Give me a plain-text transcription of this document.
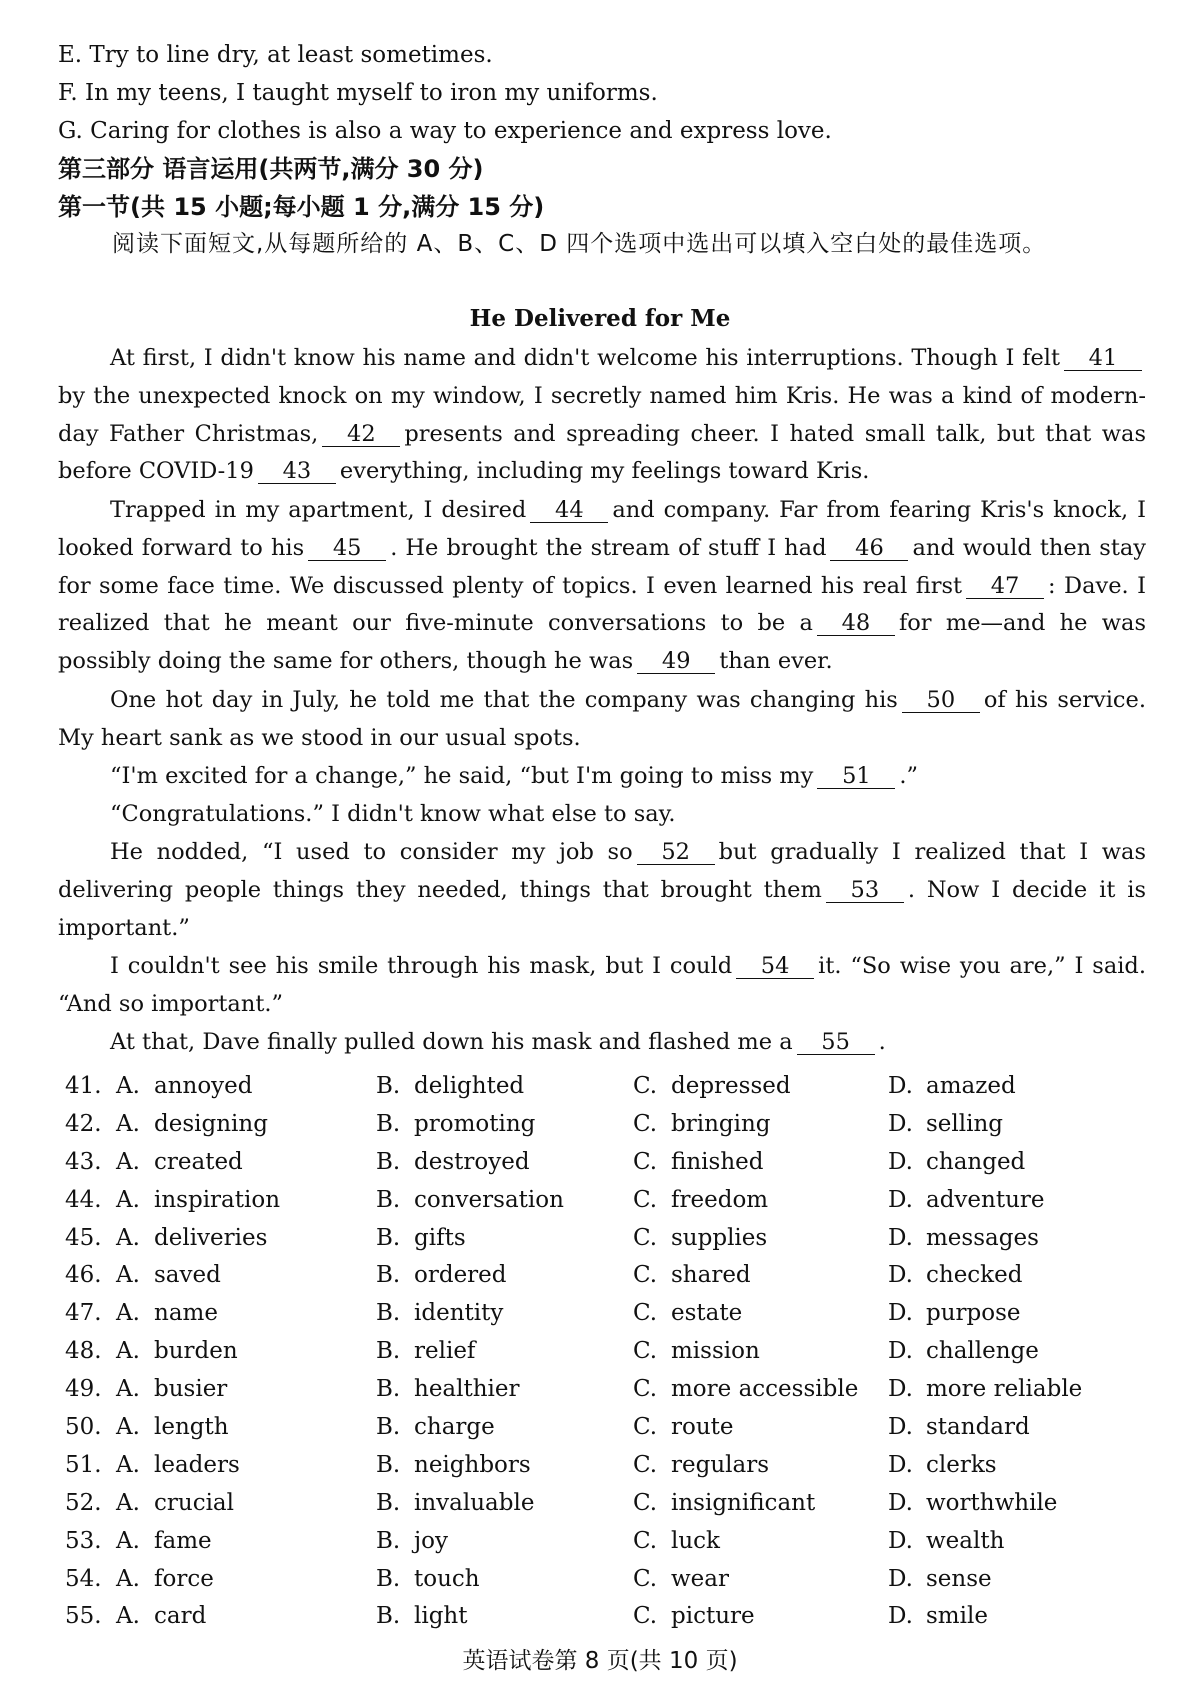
E. Try to line dry, at least sometimes.
F. In my teens, I taught myself to iron my uniforms.
G. Caring for clothes is also a way to experience and express love.
第三部分 语言运用(共两节,满分 30 分)
第一节(共 15 小题;每小题 1 分,满分 15 分)
阅读下面短文,从每题所给的 A、B、C、D 四个选项中选出可以填入空白处的最佳选项。
He Delivered for Me
At first, I didn't know his name and didn't welcome his interruptions. Though I felt 41by the unexpected knock on my window, I secretly named him Kris. He was a kind of modern-day Father Christmas, 42 presents and spreading cheer. I hated small talk, but that was before COVID-19 43 everything, including my feelings toward Kris.
Trapped in my apartment, I desired 44 and company. Far from fearing Kris's knock, I looked forward to his 45 . He brought the stream of stuff I had 46 and would then stay for some face time. We discussed plenty of topics. I even learned his real first 47 : Dave. I realized that he meant our five-minute conversations to be a 48 for me—and he was possibly doing the same for others, though he was 49 than ever.
One hot day in July, he told me that the company was changing his 50 of his service. My heart sank as we stood in our usual spots.
“I'm excited for a change,” he said, “but I'm going to miss my 51 .”
“Congratulations.” I didn't know what else to say.
He nodded, “I used to consider my job so 52 but gradually I realized that I was delivering people things they needed, things that brought them 53 . Now I decide it is important.”
I couldn't see his smile through his mask, but I could 54 it. “So wise you are,” I said. “And so important.”
At that, Dave finally pulled down his mask and flashed me a 55 .
41. A. annoyed	B. delighted	C. depressed	D. amazed
42. A. designing	B. promoting	C. bringing	D. selling
43. A. created	B. destroyed	C. finished	D. changed
44. A. inspiration	B. conversation	C. freedom	D. adventure
45. A. deliveries	B. gifts	C. supplies	D. messages
46. A. saved	B. ordered	C. shared	D. checked
47. A. name	B. identity	C. estate	D. purpose
48. A. burden	B. relief	C. mission	D. challenge
49. A. busier	B. healthier	C. more accessible D. more reliable
50. A. length	B. charge	C. route	D. standard
51. A. leaders	B. neighbors	C. regulars	D. clerks
52. A. crucial	B. invaluable	C. insignificant	D. worthwhile
53. A. fame	B. joy	C. luck	D. wealth
54. A. force	B. touch	C. wear	D. sense
55. A. card	B. light	C. picture	D. smile
英语试卷第 8 页(共 10 页)
